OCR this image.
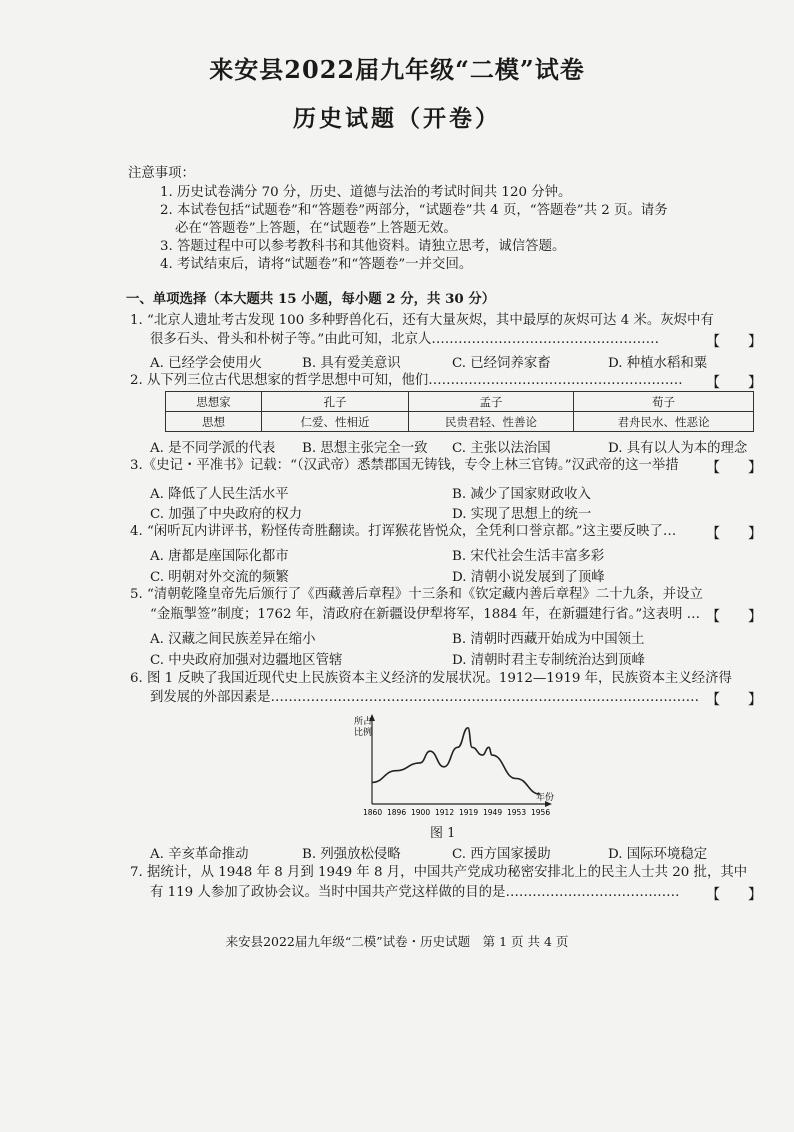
来安县2022届九年级“二模”试卷
历史试题（开卷）
注意事项：
1. 历史试卷满分 70 分，历史、道德与法治的考试时间共 120 分钟。
2. 本试卷包括“试题卷”和“答题卷”两部分，“试题卷”共 4 页，“答题卷”共 2 页。请务
必在“答题卷”上答题，在“试题卷”上答题无效。
3. 答题过程中可以参考教科书和其他资料。请独立思考，诚信答题。
4. 考试结束后，请将“试题卷”和“答题卷”一并交回。
一、单项选择（本大题共 15 小题，每小题 2 分，共 30 分）
1. “北京人遗址考古发现 100 多种野兽化石，还有大量灰烬，其中最厚的灰烬可达 4 米。灰烬中有
很多石头、骨头和朴树子等。”由此可知，北京人……………………………………………	【　　】
A. 已经学会使用火	B. 具有爱美意识	C. 已经饲养家畜	D. 种植水稻和粟
2. 从下列三位古代思想家的哲学思想中可知，他们………………………………………………… 【　　】
思想家	孔子	孟子	荀子
思想	仁爱、性相近	民贵君轻、性善论	君舟民水、性恶论
A. 是不同学派的代表 B. 思想主张完全一致 C. 主张以法治国	D. 具有以人为本的理念
3.《史记・平准书》记载：“（汉武帝）悉禁郡国无铸钱，专令上林三官铸。”汉武帝的这一举措 【　　】
A. 降低了人民生活水平	B. 减少了国家财政收入
C. 加强了中央政府的权力	D. 实现了思想上的统一
4. “闲听瓦内讲评书，粉怪传奇胜翻读。打诨猴花皆悦众，全凭利口誉京都。”这主要反映了… 【　　】
A. 唐都是座国际化都市	B. 宋代社会生活丰富多彩
C. 明朝对外交流的频繁	D. 清朝小说发展到了顶峰
5. “清朝乾隆皇帝先后颁行了《西藏善后章程》十三条和《钦定藏内善后章程》二十九条，并设立
“金瓶掣签”制度；1762 年，清政府在新疆设伊犁将军，1884 年，在新疆建行省。”这表明 … 【　　】
A. 汉藏之间民族差异在缩小	B. 清朝时西藏开始成为中国领土
C. 中央政府加强对边疆地区管辖	D. 清朝时君主专制统治达到顶峰
6. 图 1 反映了我国近现代史上民族资本主义经济的发展状况。1912—1919 年，民族资本主义经济得
到发展的外部因素是…………………………………………………………………………………… 【　　】
所占比例
年份
1860 1896 1900 1912 1919 1949 1953 1956
图 1
A. 辛亥革命推动	B. 列强放松侵略	C. 西方国家援助	D. 国际环境稳定
7. 据统计，从 1948 年 8 月到 1949 年 8 月，中国共产党成功秘密安排北上的民主人士共 20 批，其中
有 119 人参加了政协会议。当时中国共产党这样做的目的是………………………………… 【　　】
来安县2022届九年级“二模”试卷・历史试题　第 1 页 共 4 页
